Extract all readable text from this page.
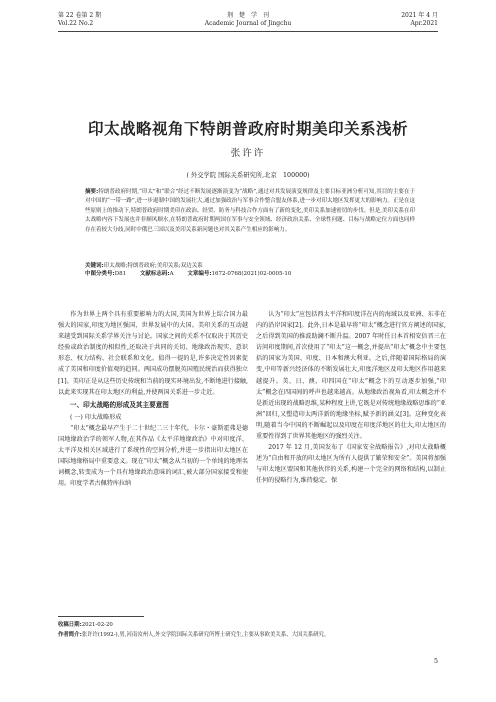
第 22 卷第 2 期
Vol.22 No.2
荆　楚　学　刊
Academic Journal of Jingchu
2021 年 4 月
Apr.2021
印太战略视角下特朗普政府时期美印关系浅析
张许许
( 外交学院 国际关系研究所,北京　100000)
摘要:特朗普政府时期,“印太”和“联合”经过不断发展逐渐演变为“战略”,通过对其发展演变规律及主要目标亚洲分析可知,其目的主要在于对中国的“一带一路”,进一步遏制中国的发展壮大,通过加强政治与军事合作整合盟友体系,进一步对印太地区发挥更大的影响力。正是在这些原则上的推动下,特朗普政府时期美印在政治、经贸、防务与科技合作方面有了新的变化,美印关系加速密切的步伐。但是,美印关系在印太战略内容下发展也并非顺风顺水,在特朗普政府时期两国在军事与安全领域、经济政治关系、全球性问题、目标与战略定位方面也同样存在着较大分歧,同时中俄巴三国以及美印关系新问题也对其关系产生相应的影响力。
关键词:印太战略;特朗普政府;美印关系;双边关系
中图分类号:D81	文献标志码:A	文章编号:1672-0768(2021)02-0005-10

作为世界上两个具有重要影响力的大国,美国为世界上综合国力最强大的国家,印度为地区强国、世界发展中的大国。美印关系的互动越来越受到国际关系学界关注与讨论。国家之间的关系不仅取决于其历史经验或政治制度的相似性,还取决于共同的关切、地缘政治现实、意识形态、权力结构、社会联系和文化。值得一提的是,许多决定性因素促成了美国和印度价值观的趋同。两国成功摆脱英国殖民统治而获得独立[1]。美印正是从这些历史传统和当前的现实环境出发,不断地进行接触,以此来实现其在印太地区的利益,并使两国关系进一步走近。

一、印太战略的形成及其主要意图
( 一) 印太战略形成

“印太”概念最早产生于二十世纪二三十年代。卡尔・豪斯霍弗是德国地缘政治学的领军人物,在其作品《太平洋地缘政治》中对印度洋、太平洋及相关区域进行了系统性的空间分析,并进一步指出印太地区在国际地缘格局中重要意义。现在“印太”概念从当初的一个单纯的地理名词概念,转变成为一个具有地缘政治意味的词汇,被大部分国家接受和使用。印度学者古佩特库拉纳

认为“印太”应包括西太平洋和印度洋在内的海域以及亚洲、东非在内的沿岸国家[2]。此外,日本是最早将“印太”概念进行官方阐述的国家,之后得到美国的推波助澜不断升温。2007 年时任日本首相安倍晋三在访问印度期间,首次使用了“印太”这一概念,并提出“印太”概念中主要包括的国家为美国、印度、日本和澳大利亚。之后,伴随着国际格局的演变,中印等新兴经济体的不断发展壮大,印度洋地区及印太地区作用越来越提升。美、日、澳、印四国在“印太”概念下的互动逐步加强,“印太”概念在四国间的呼声也越来越高。从地缘政治视角看,印太概念并不是新近出现的战略思维,某种程度上讲,它既是对传统地缘战略思维的“亚洲”回归,又塑造印太两洋新的地缘坐标,赋予新的涵义[3]。这种变化表明,随着当今中国的不断崛起以及印度在印度洋地区的壮大,印太地区的重要性得到了世界其他地区的强烈关注。

2017 年 12 月,美国发布了《国家安全战略报告》,对印太战略概述为“自由和开放的印太地区为所有人提供了繁荣和安全”。美国将加强与印太地区盟国和其他伙伴的关系,构建一个完全的网络和结构,以制止任何的侵略行为,维持稳定。保

收稿日期:2021-02-20
作者简介:张许许(1992-),男,河南汝州人,外交学院国际关系研究所博士研究生,主要从事欧美关系、大国关系研究。
5
